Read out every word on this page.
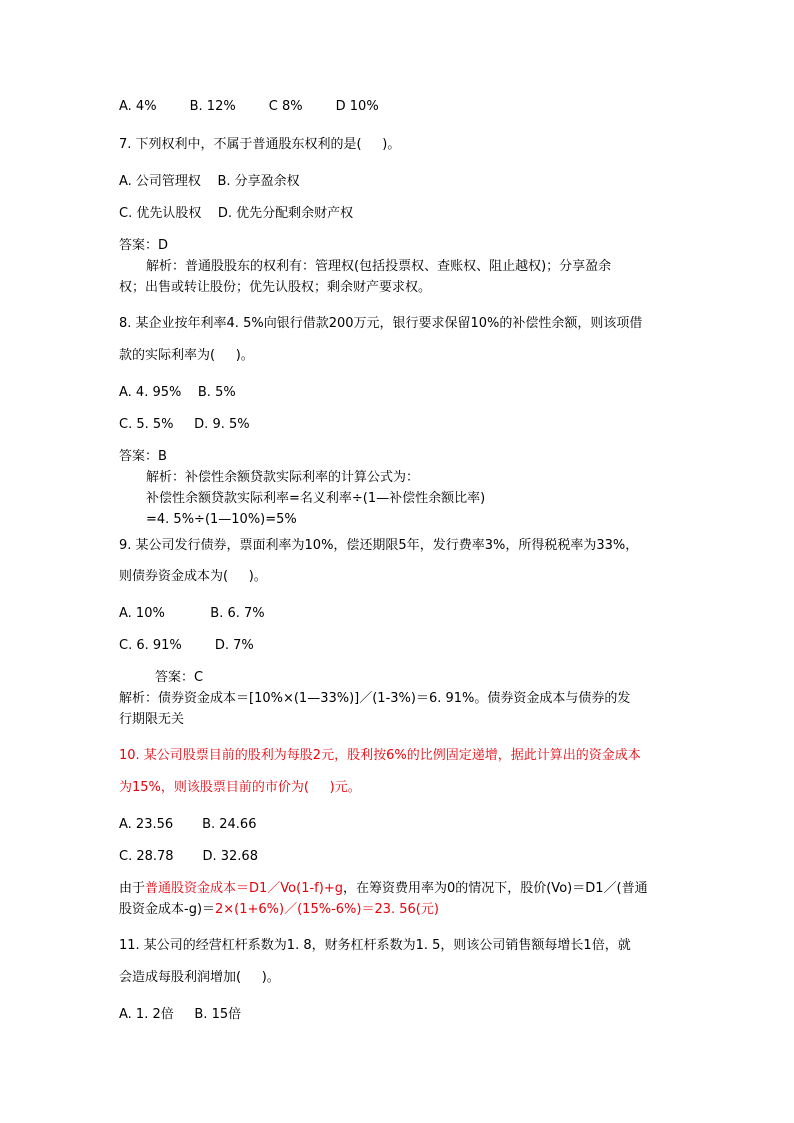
A. 4%        B. 12%        C 8%        D 10%
7. 下列权利中，不属于普通股东权利的是(     )。
A. 公司管理权    B. 分享盈余权
C. 优先认股权    D. 优先分配剩余财产权
答案：D
解析：普通股股东的权利有：管理权(包括投票权、查账权、阻止越权)；分享盈余
权；出售或转让股份；优先认股权；剩余财产要求权。
8. 某企业按年利率4. 5%向银行借款200万元，银行要求保留10%的补偿性余额，则该项借
款的实际利率为(     )。
A. 4. 95%    B. 5%
C. 5. 5%     D. 9. 5%
答案：B
解析：补偿性余额贷款实际利率的计算公式为：
补偿性余额贷款实际利率=名义利率÷(1—补偿性余额比率)
=4. 5%÷(1—10%)=5%
9. 某公司发行债券，票面利率为10%，偿还期限5年，发行费率3%，所得税税率为33%，
则债券资金成本为(     )。
A. 10%           B. 6. 7%
C. 6. 91%        D. 7%
答案：C
解析：债券资金成本＝[10%×(1—33%)]／(1-3%)＝6. 91%。债券资金成本与债券的发
行期限无关
10. 某公司股票目前的股利为每股2元，股利按6%的比例固定递增，据此计算出的资金成本
为15%，则该股票目前的市价为(     )元。
A. 23.56       B. 24.66
C. 28.78       D. 32.68
由于普通股资金成本＝D1／Vo(1-f)+g，在筹资费用率为0的情况下，股价(Vo)＝D1／(普通
股资金成本-g)＝2×(1+6%)／(15%-6%)＝23. 56(元)
11. 某公司的经营杠杆系数为1. 8，财务杠杆系数为1. 5，则该公司销售额每增长1倍，就
会造成每股利润增加(     )。
A. 1. 2倍     B. 15倍
